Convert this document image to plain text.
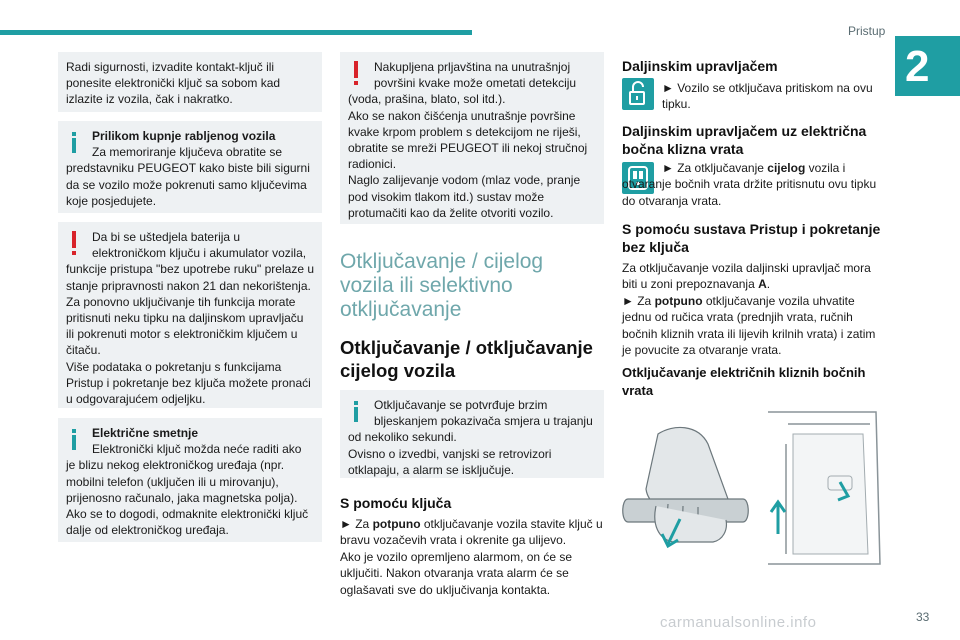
Pristup
2

Radi sigurnosti, izvadite kontakt-ključ ili ponesite elektronički ključ sa sobom kad izlazite iz vozila, čak i nakratko.

Prilikom kupnje rabljenog vozila

Za memoriranje ključeva obratite se predstavniku PEUGEOT kako biste bili sigurni da se vozilo može pokrenuti samo ključevima koje posjedujete.

Da bi se uštedjela baterija u elektroničkom ključu i akumulator vozila, funkcije pristupa "bez upotrebe ruku" prelaze u stanje pripravnosti nakon 21 dan nekorištenja. Za ponovno uključivanje tih funkcija morate pritisnuti neku tipku na daljinskom upravljaču ili pokrenuti motor s elektroničkim ključem u čitaču.

Više podataka o pokretanju s funkcijama Pristup i pokretanje bez ključa možete pronaći u odgovarajućem odjeljku.

Električne smetnje

Elektronički ključ možda neće raditi ako je blizu nekog elektroničkog uređaja (npr. mobilni telefon (uključen ili u mirovanju), prijenosno računalo, jaka magnetska polja). Ako se to dogodi, odmaknite elektronički ključ dalje od elektroničkog uređaja.

Nakupljena prljavština na unutrašnjoj površini kvake može ometati detekciju (voda, prašina, blato, sol itd.).

Ako se nakon čišćenja unutrašnje površine kvake krpom problem s detekcijom ne riješi, obratite se mreži PEUGEOT ili nekoj stručnoj radionici.

Naglo zalijevanje vodom (mlaz vode, pranje pod visokim tlakom itd.) sustav može protumačiti kao da želite otvoriti vozilo.

Otključavanje / cijelog vozila ili selektivno otključavanje
Otključavanje / otključavanje cijelog vozila

Otključavanje se potvrđuje brzim bljeskanjem pokazivača smjera u trajanju od nekoliko sekundi.

Ovisno o izvedbi, vanjski se retrovizori otklapaju, a alarm se isključuje.

S pomoću ključa
► Za potpuno otključavanje vozila stavite ključ u bravu vozačevih vrata i okrenite ga ulijevo.
Ako je vozilo opremljeno alarmom, on će se uključiti. Nakon otvaranja vrata alarm će se oglašavati sve do uključivanja kontakta.
Daljinskim upravljačem
► Vozilo se otključava pritiskom na ovu tipku.
Daljinskim upravljačem uz električna bočna klizna vrata
► Za otključavanje cijelog vozila i otvaranje bočnih vrata držite pritisnutu ovu tipku do otvaranja vrata.
S pomoću sustava Pristup i pokretanje bez ključa
Za otključavanje vozila daljinski upravljač mora biti u zoni prepoznavanja A.
► Za potpuno otključavanje vozila uhvatite jednu od ručica vrata (prednjih vrata, ručnih bočnih kliznih vrata ili lijevih krilnih vrata) i zatim je povucite za otvaranje vrata.
Otključavanje električnih kliznih bočnih vrata
33
carmanualsonline.info
